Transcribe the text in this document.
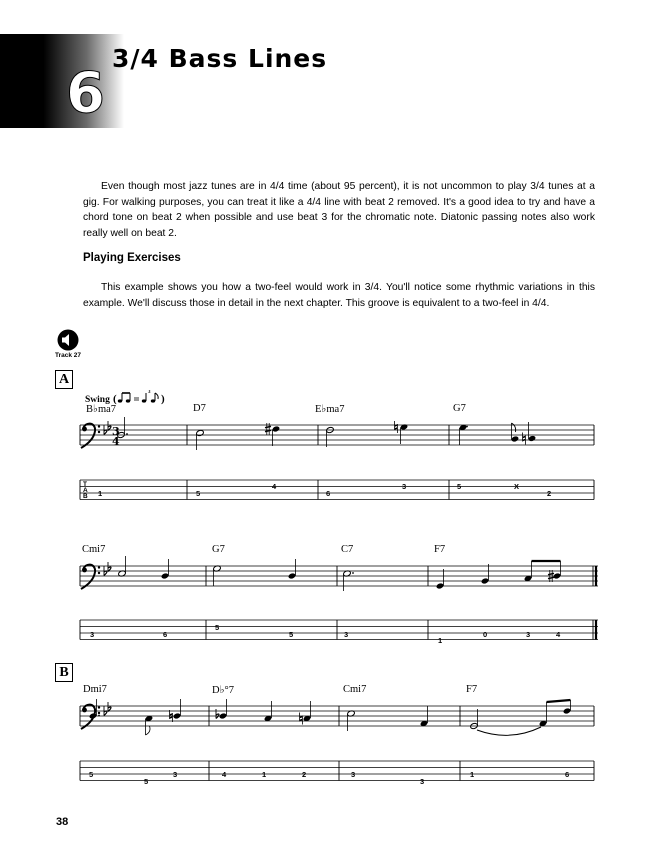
6
3/4 Bass Lines
Even though most jazz tunes are in 4/4 time (about 95 percent), it is not uncommon to play 3/4 tunes at a gig. For walking purposes, you can treat it like a 4/4 line with beat 2 removed. It's a good idea to try and have a chord tone on beat 2 when possible and use beat 3 for the chromatic note. Diatonic passing notes also work really well on beat 2.
Playing Exercises
This example shows you how a two-feel would work in 3/4. You'll notice some rhythmic variations in this example. We'll discuss those in detail in the next chapter. This groove is equivalent to a two-feel in 4/4.
Track 27
A
B
Swing (
3
)
B♭ma7	D7	E♭ma7	G7
Cmi7	G7	C7	F7
Dmi7	D♭°7	Cmi7	F7
3
4
T
A
B 1	5
4
6
3	5	X
2
3	6
5
5	3
1
0	3	4
5
5
3	4	1	2	3
3
1	6
38
